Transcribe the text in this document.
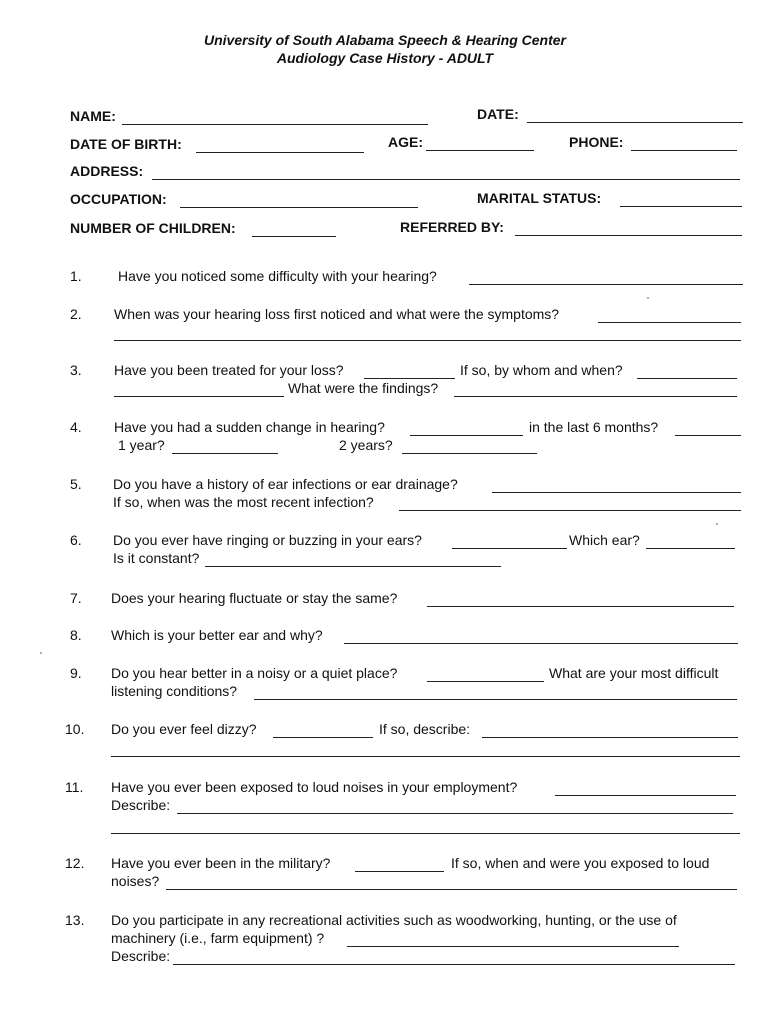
University of South Alabama Speech & Hearing Center
Audiology Case History - ADULT
NAME:	DATE:
DATE OF BIRTH:	AGE:	PHONE:
ADDRESS:
OCCUPATION:	MARITAL STATUS:
NUMBER OF CHILDREN:	REFERRED BY:
1.	Have you noticed some difficulty with your hearing?
2. When was your hearing loss first noticed and what were the symptoms?
3. Have you been treated for your loss?	If so, by whom and when?
What were the findings?
4. Have you had a sudden change in hearing?	in the last 6 months?
1 year?	2 years?
5. Do you have a history of ear infections or ear drainage?
If so, when was the most recent infection?
6. Do you ever have ringing or buzzing in your ears?	Which ear?
Is it constant?
7. Does your hearing fluctuate or stay the same?
8. Which is your better ear and why?
9. Do you hear better in a noisy or a quiet place?	What are your most difficult
listening conditions?
10. Do you ever feel dizzy?	If so, describe:
11. Have you ever been exposed to loud noises in your employment?
Describe:
12. Have you ever been in the military?	If so, when and were you exposed to loud
noises?
13. Do you participate in any recreational activities such as woodworking, hunting, or the use of
machinery (i.e., farm equipment) ?
Describe:
